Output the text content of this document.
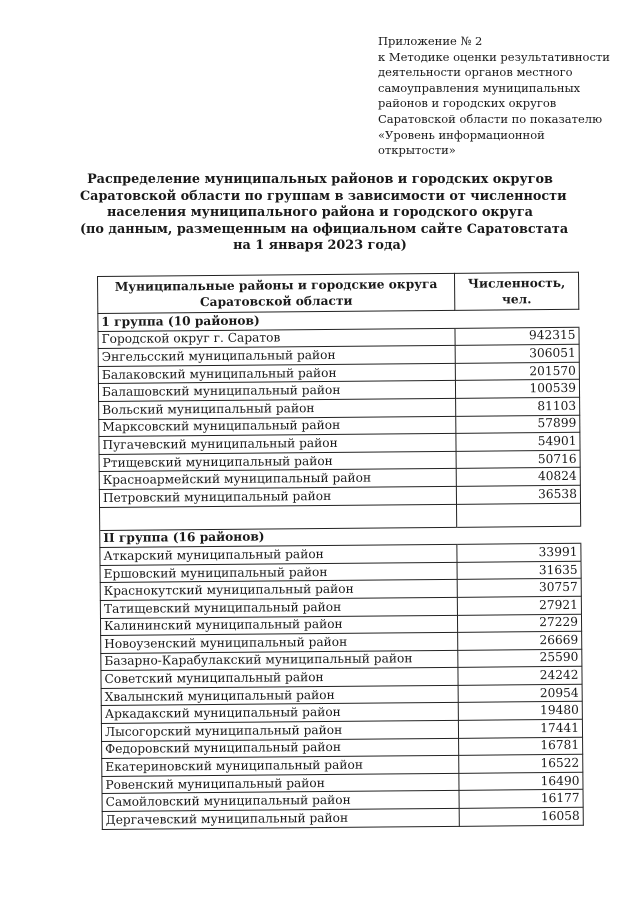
Приложение № 2
к Методике оценки результативности
деятельности органов местного
самоуправления муниципальных
районов и городских округов
Саратовской области по показателю
«Уровень информационной
открытости»
Распределение муниципальных районов и городских округов
Саратовской области по группам в зависимости от численности
населения муниципального района и городского округа
(по данным, размещенным на официальном сайте Саратовстата
на 1 января 2023 года)
Муниципальные районы и городские округа
Саратовской области	Численность,
чел.
1 группа (10 районов)	
Городской округ г. Саратов	942315
Энгельсский муниципальный район	306051
Балаковский муниципальный район	201570
Балашовский муниципальный район	100539
Вольский муниципальный район	81103
Марксовский муниципальный район	57899
Пугачевский муниципальный район	54901
Ртищевский муниципальный район	50716
Красноармейский муниципальный район	40824
Петровский муниципальный район	36538

II группа (16 районов)	
Аткарский муниципальный район	33991
Ершовский муниципальный район	31635
Краснокутский муниципальный район	30757
Татищевский муниципальный район	27921
Калининский муниципальный район	27229
Новоузенский муниципальный район	26669
Базарно-Карабулакский муниципальный район	25590
Советский муниципальный район	24242
Хвалынский муниципальный район	20954
Аркадакский муниципальный район	19480
Лысогорский муниципальный район	17441
Федоровский муниципальный район	16781
Екатериновский муниципальный район	16522
Ровенский муниципальный район	16490
Самойловский муниципальный район	16177
Дергачевский муниципальный район	16058
